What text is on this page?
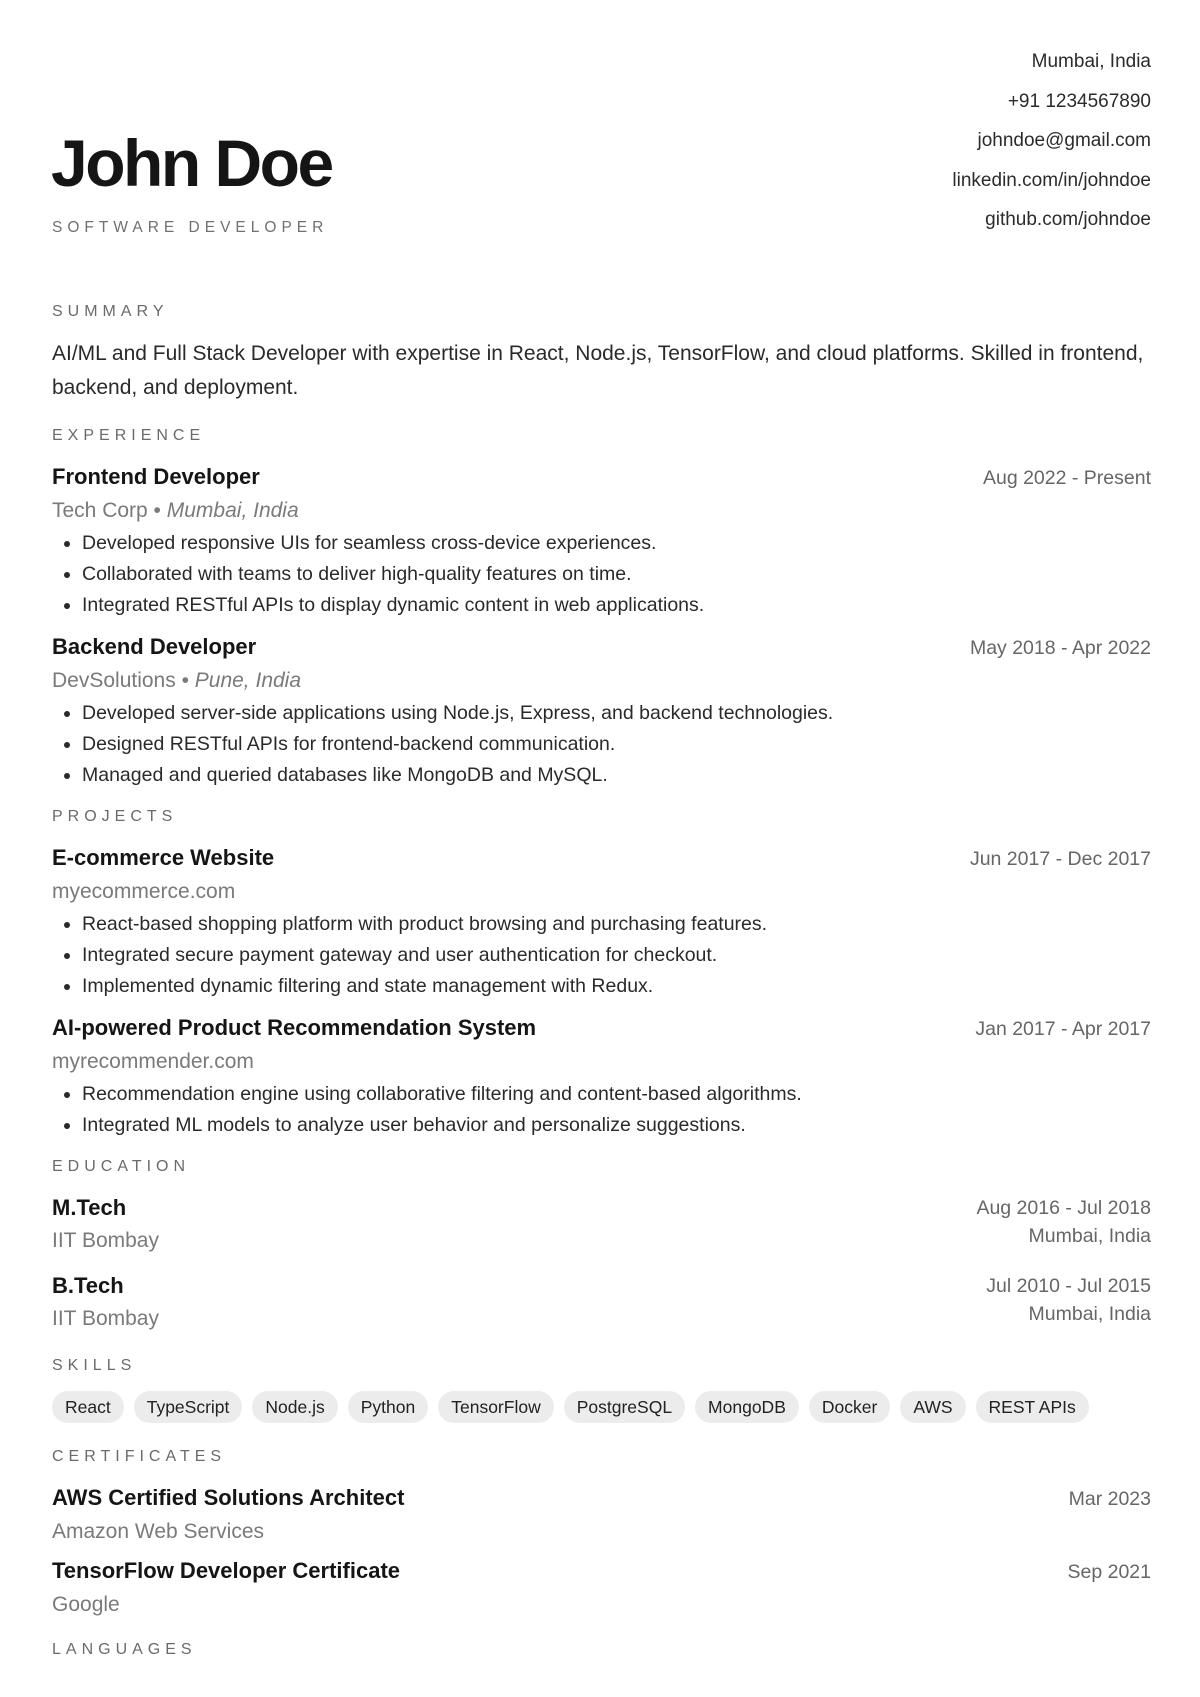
Mumbai, India
+91 1234567890
johndoe@gmail.com
linkedin.com/in/johndoe
github.com/johndoe
John Doe
SOFTWARE DEVELOPER
SUMMARY

AI/ML and Full Stack Developer with expertise in React, Node.js, TensorFlow, and cloud platforms. Skilled in frontend, backend, and deployment.

EXPERIENCE
Frontend Developer	Aug 2022 - Present
Tech Corp • Mumbai, India
• Developed responsive UIs for seamless cross-device experiences.
• Collaborated with teams to deliver high-quality features on time.
• Integrated RESTful APIs to display dynamic content in web applications.
Backend Developer	May 2018 - Apr 2022
DevSolutions • Pune, India
• Developed server-side applications using Node.js, Express, and backend technologies.
• Designed RESTful APIs for frontend-backend communication.
• Managed and queried databases like MongoDB and MySQL.
PROJECTS
E-commerce Website	Jun 2017 - Dec 2017
myecommerce.com
• React-based shopping platform with product browsing and purchasing features.
• Integrated secure payment gateway and user authentication for checkout.
• Implemented dynamic filtering and state management with Redux.
AI-powered Product Recommendation System	Jan 2017 - Apr 2017
myrecommender.com
• Recommendation engine using collaborative filtering and content-based algorithms.
• Integrated ML models to analyze user behavior and personalize suggestions.
EDUCATION
M.Tech
IIT Bombay
Aug 2016 - Jul 2018
Mumbai, India
B.Tech
IIT Bombay
Jul 2010 - Jul 2015
Mumbai, India
SKILLS
React	TypeScript	Node.js	Python	TensorFlow	PostgreSQL	MongoDB	Docker	AWS	REST APIs
CERTIFICATES
AWS Certified Solutions Architect	Mar 2023
Amazon Web Services
TensorFlow Developer Certificate	Sep 2021
Google
LANGUAGES
